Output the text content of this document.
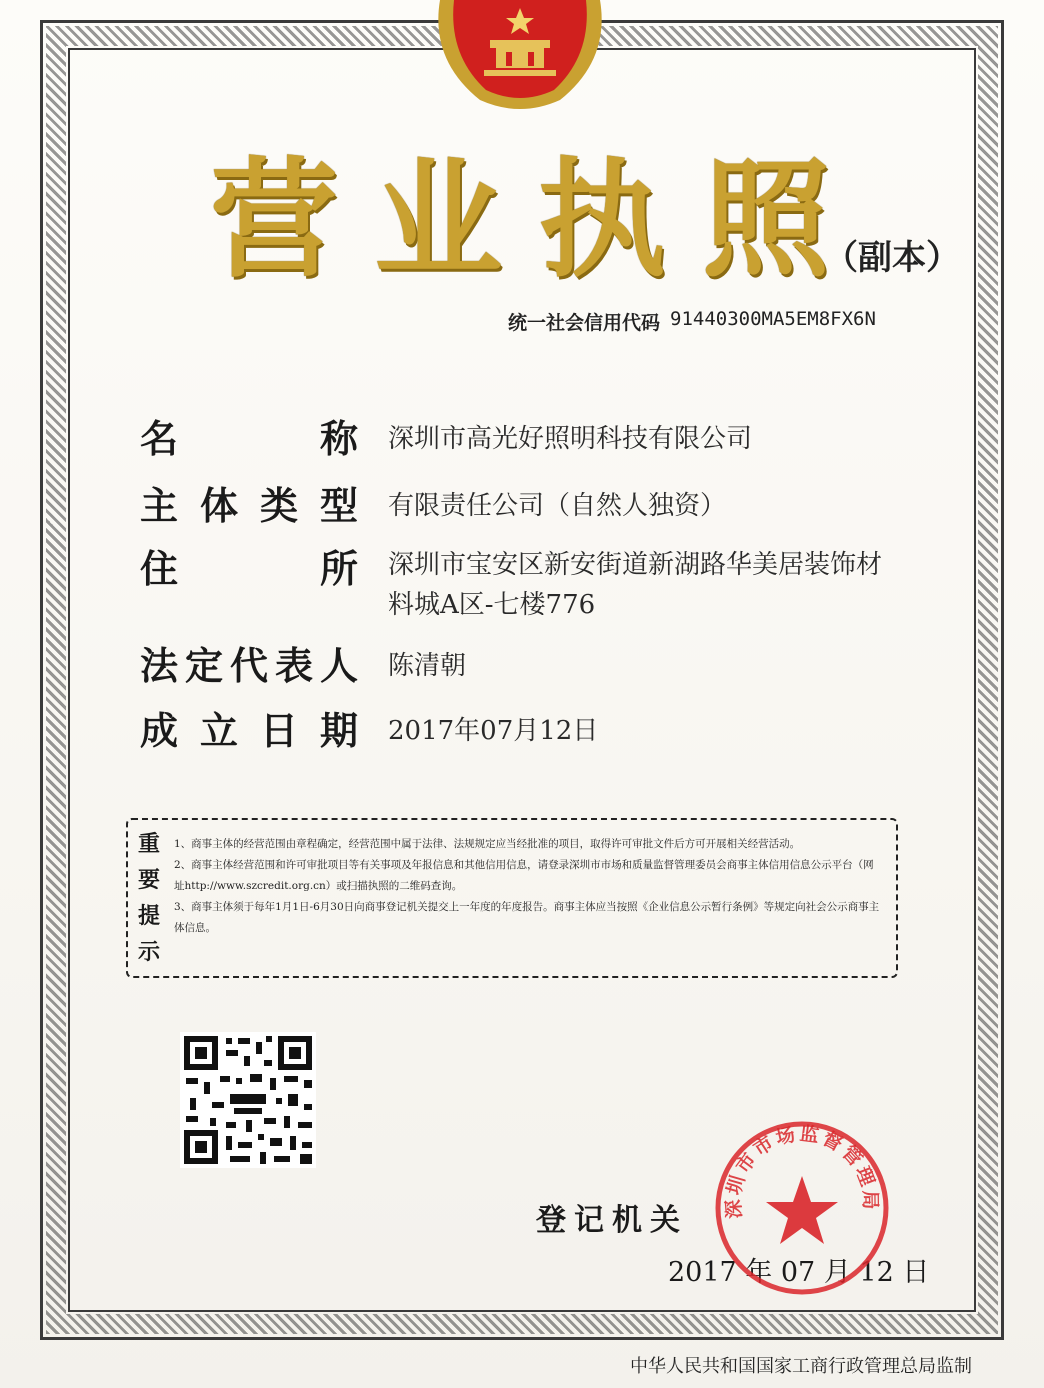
营 业 执 照
（副本）
统一社会信用代码 91440300MA5EM8FX6N
名	称 深圳市高光好照明科技有限公司
主 体 类 型 有限责任公司（自然人独资）
住	所 深圳市宝安区新安街道新湖路华美居装饰材
料城A区-七楼776
法 定 代 表 人 陈清朝
成 立 日 期 2017年07月12日
重
要
提
示

1、商事主体的经营范围由章程确定，经营范围中属于法律、法规规定应当经批准的项目，取得许可审批文件后方可开展相关经营活动。

2、商事主体经营范围和许可审批项目等有关事项及年报信息和其他信用信息，请登录深圳市市场和质量监督管理委员会商事主体信用信息公示平台（网址http://www.szcredit.org.cn）或扫描执照的二维码查询。

3、商事主体须于每年1月1日-6月30日向商事登记机关提交上一年度的年度报告。商事主体应当按照《企业信息公示暂行条例》等规定向社会公示商事主体信息。

登记机关
2017 年 07 月 12 日
深圳市市场监督管理局
中华人民共和国国家工商行政管理总局监制
